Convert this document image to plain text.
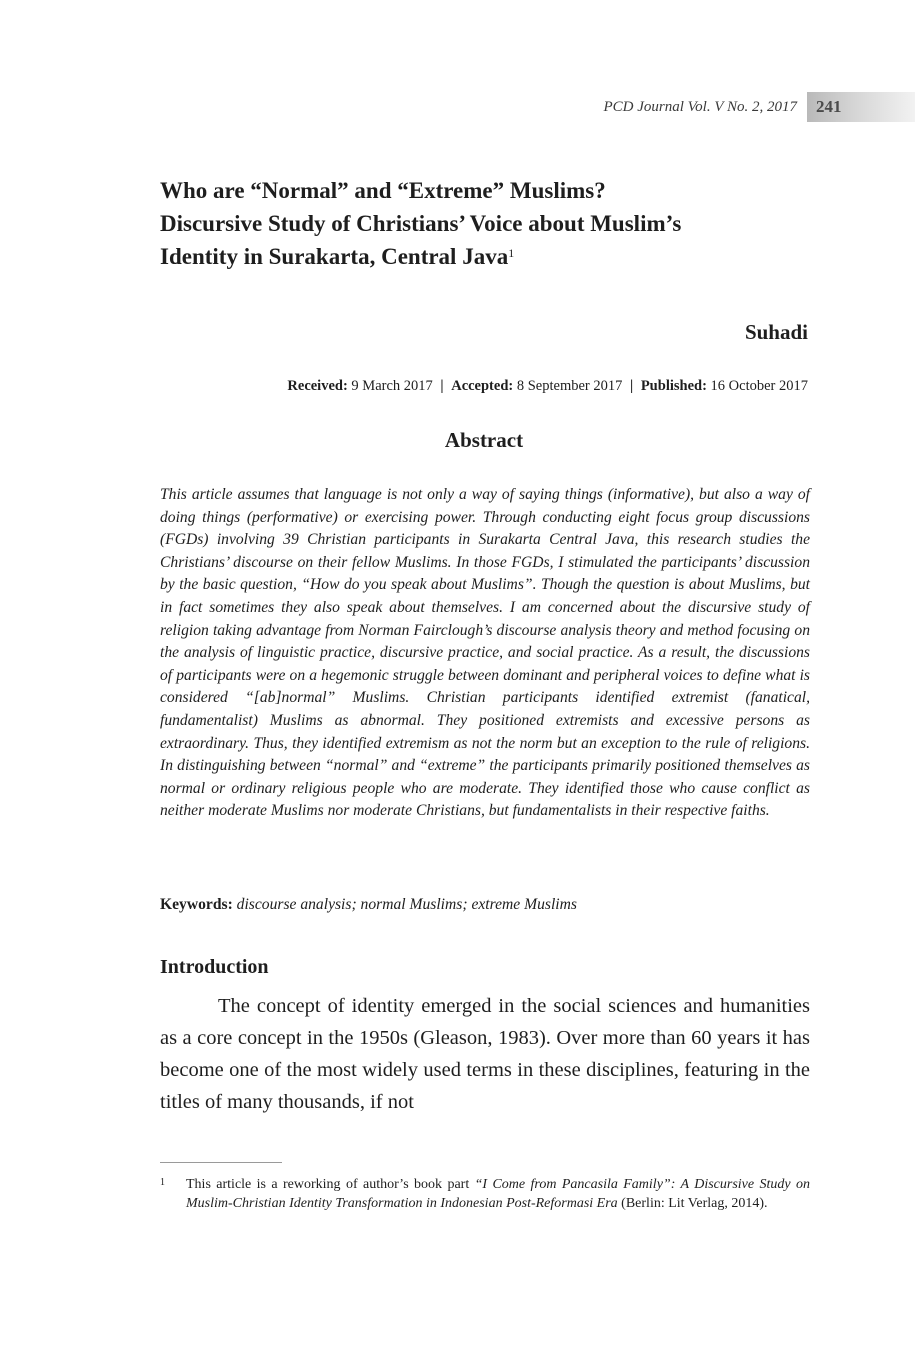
PCD Journal Vol. V No. 2, 2017 241
Who are “Normal” and “Extreme” Muslims?
Discursive Study of Christians’ Voice about Muslim’s
Identity in Surakarta, Central Java$^1$
Suhadi
Received: 9 March 2017 | Accepted: 8 September 2017 | Published: 16 October 2017
Abstract

This article assumes that language is not only a way of saying things (informative), but also a way of doing things (performative) or exercising power. Through conducting eight focus group discussions (FGDs) involving 39 Christian participants in Surakarta Central Java, this research studies the Christians’ discourse on their fellow Muslims. In those FGDs, I stimulated the participants’ discussion by the basic question, “How do you speak about Muslims”. Though the question is about Muslims, but in fact sometimes they also speak about themselves. I am concerned about the discursive study of religion taking advantage from Norman Fairclough’s discourse analysis theory and method focusing on the analysis of linguistic practice, discursive practice, and social practice. As a result, the discussions of participants were on a hegemonic struggle between dominant and peripheral voices to define what is considered “[ab]normal” Muslims. Christian participants identified extremist (fanatical, fundamentalist) Muslims as abnormal. They positioned extremists and excessive persons as extraordinary. Thus, they identified extremism as not the norm but an exception to the rule of religions. In distinguishing between “normal” and “extreme” the participants primarily positioned themselves as normal or ordinary religious people who are moderate. They identified those who cause conflict as neither moderate Muslims nor moderate Christians, but fundamentalists in their respective faiths.

Keywords: discourse analysis; normal Muslims; extreme Muslims
Introduction

The concept of identity emerged in the social sciences and humanities as a core concept in the 1950s (Gleason, 1983). Over more than 60 years it has become one of the most widely used terms in these disciplines, featuring in the titles of many thousands, if not

1 This article is a reworking of author’s book part “I Come from Pancasila Family”: A Discursive Study on Muslim-Christian Identity Transformation in Indonesian Post-Reformasi Era (Berlin: Lit Verlag, 2014).
